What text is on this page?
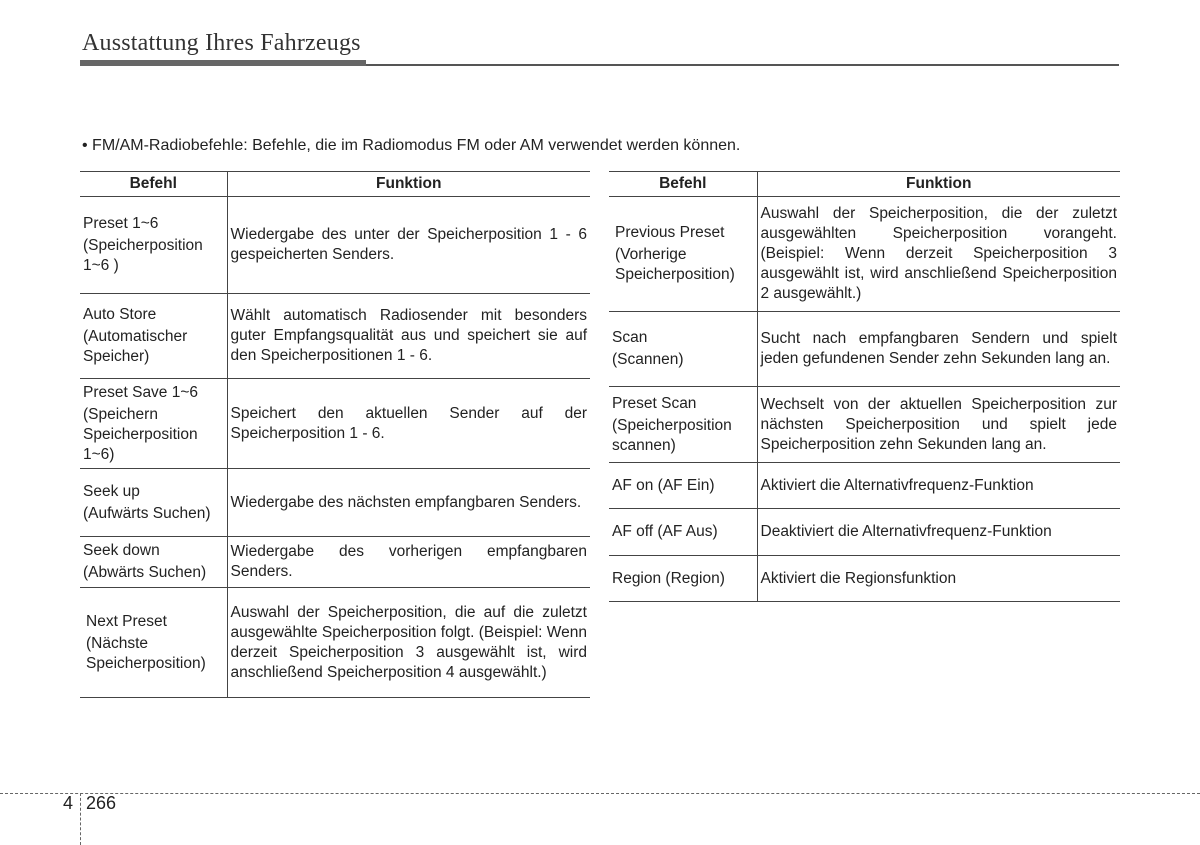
Ausstattung Ihres Fahrzeugs
• FM/AM-Radiobefehle: Befehle, die im Radiomodus FM oder AM verwendet werden können.
Befehl	Funktion
Preset 1~6
(Speicherposition 1~6 )	Wiedergabe des unter der Speicherposition 1 - 6 gespeicherten Senders.
Auto Store
(Automatischer Speicher)	Wählt automatisch Radiosender mit besonders guter Empfangsqualität aus und speichert sie auf den Speicherpositionen 1 - 6.
Preset Save 1~6
(Speichern Speicherposition 1~6)	Speichert den aktuellen Sender auf der Speicherposition 1 - 6.
Seek up
(Aufwärts Suchen)	Wiedergabe des nächsten empfangbaren Senders.
Seek down
(Abwärts Suchen)	Wiedergabe des vorherigen empfangbaren Senders.
Next Preset
(Nächste Speicherposition)	Auswahl der Speicherposition, die auf die zuletzt ausgewählte Speicherposition folgt. (Beispiel: Wenn derzeit Speicherposition 3 ausgewählt ist, wird anschließend Speicherposition 4 ausgewählt.)
Befehl	Funktion
Previous Preset
(Vorherige Speicherposition)	Auswahl der Speicherposition, die der zuletzt ausgewählten Speicherposition vorangeht. (Beispiel: Wenn derzeit Speicherposition 3 ausgewählt ist, wird anschließend Speicherposition 2 ausgewählt.)
Scan
(Scannen)	Sucht nach empfangbaren Sendern und spielt jeden gefundenen Sender zehn Sekunden lang an.
Preset Scan
(Speicherposition scannen)	Wechselt von der aktuellen Speicherposition zur nächsten Speicherposition und spielt jede Speicherposition zehn Sekunden lang an.
AF on (AF Ein)	Aktiviert die Alternativfrequenz-Funktion
AF off (AF Aus)	Deaktiviert die Alternativfrequenz-Funktion
Region (Region)	Aktiviert die Regionsfunktion
4 266
